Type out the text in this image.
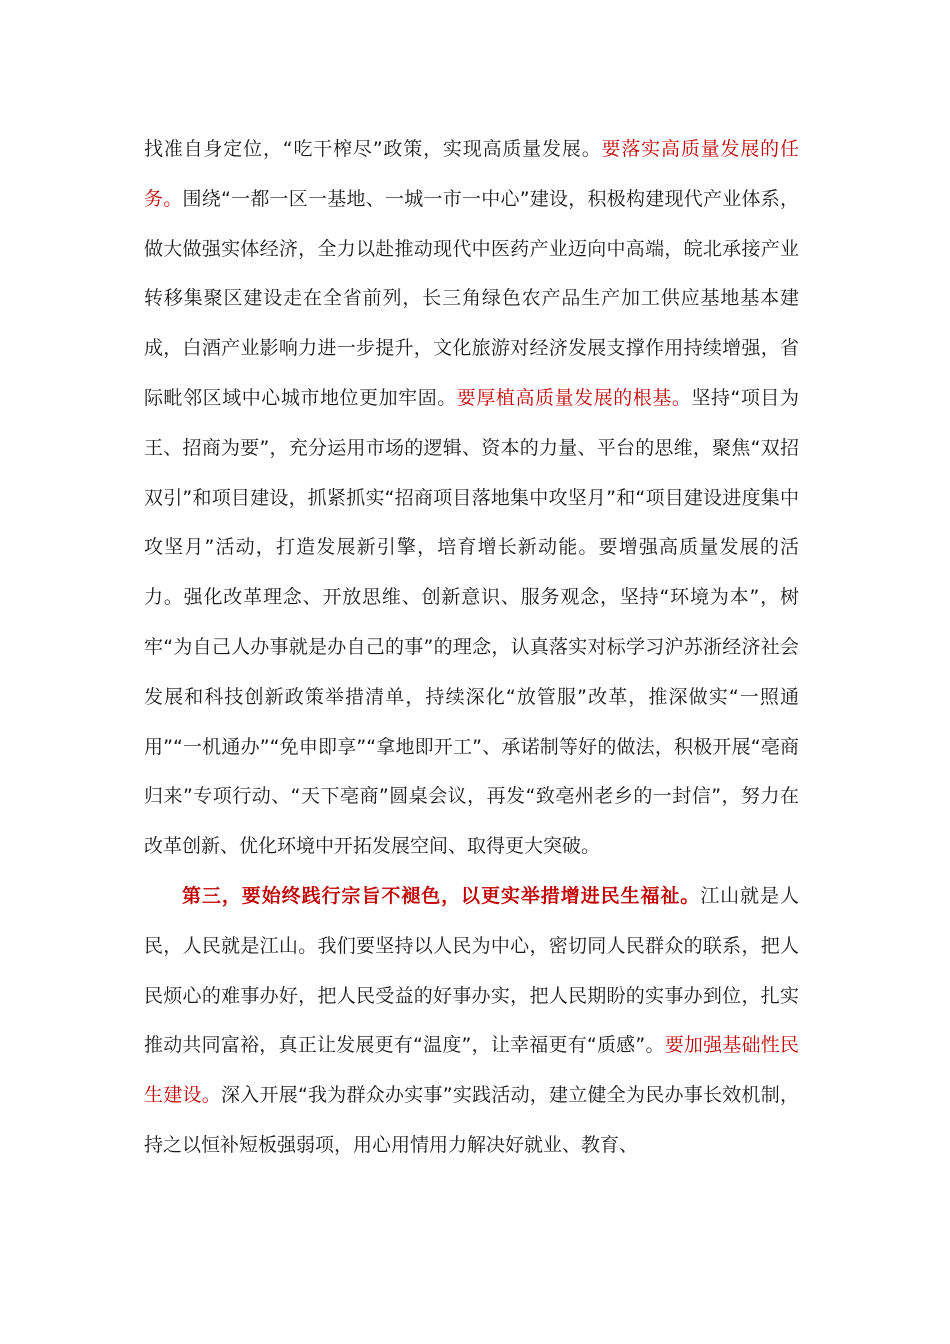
找准自身定位，“吃干榨尽”政策，实现高质量发展。要落实高质量发展的任务。围绕“一都一区一基地、一城一市一中心”建设，积极构建现代产业体系，做大做强实体经济，全力以赴推动现代中医药产业迈向中高端，皖北承接产业转移集聚区建设走在全省前列，长三角绿色农产品生产加工供应基地基本建成，白酒产业影响力进一步提升，文化旅游对经济发展支撑作用持续增强，省际毗邻区域中心城市地位更加牢固。要厚植高质量发展的根基。坚持“项目为王、招商为要”，充分运用市场的逻辑、资本的力量、平台的思维，聚焦“双招双引”和项目建设，抓紧抓实“招商项目落地集中攻坚月”和“项目建设进度集中攻坚月”活动，打造发展新引擎，培育增长新动能。要增强高质量发展的活力。强化改革理念、开放思维、创新意识、服务观念，坚持“环境为本”，树牢“为自己人办事就是办自己的事”的理念，认真落实对标学习沪苏浙经济社会发展和科技创新政策举措清单，持续深化“放管服”改革，推深做实“一照通用”“一机通办”“免申即享”“拿地即开工”、承诺制等好的做法，积极开展“亳商归来”专项行动、“天下亳商”圆桌会议，再发“致亳州老乡的一封信”，努力在改革创新、优化环境中开拓发展空间、取得更大突破。

第三，要始终践行宗旨不褪色，以更实举措增进民生福祉。江山就是人民，人民就是江山。我们要坚持以人民为中心，密切同人民群众的联系，把人民烦心的难事办好，把人民受益的好事办实，把人民期盼的实事办到位，扎实推动共同富裕，真正让发展更有“温度”，让幸福更有“质感”。要加强基础性民生建设。深入开展“我为群众办实事”实践活动，建立健全为民办事长效机制，持之以恒补短板强弱项，用心用情用力解决好就业、教育、
